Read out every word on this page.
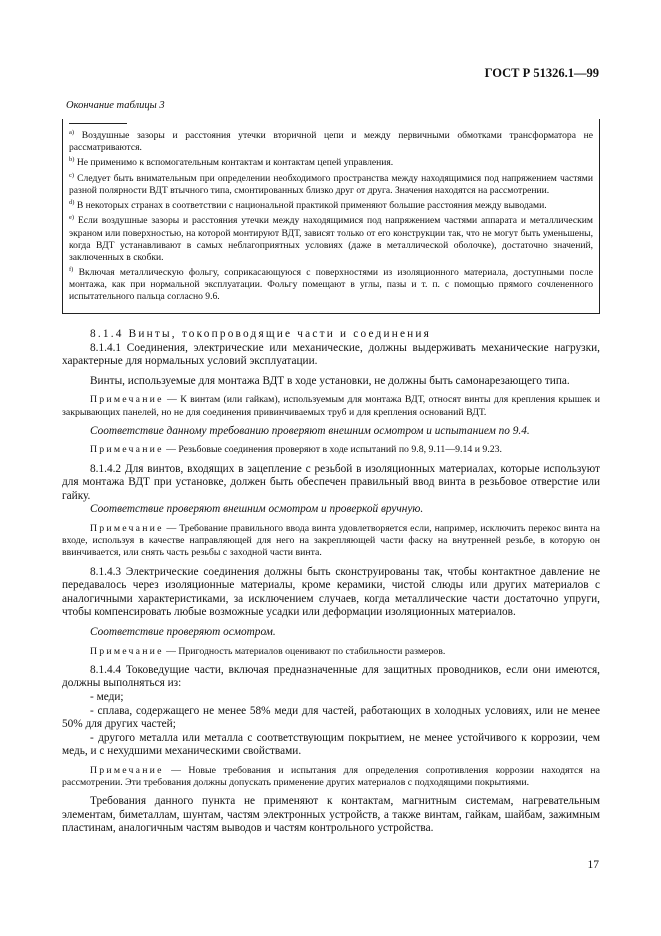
ГОСТ Р 51326.1—99
Окончание таблицы 3

$^{a)}$ Воздушные зазоры и расстояния утечки вторичной цепи и между первичными обмотками трансформатора не рассматриваются.

$^{b)}$ Не применимо к вспомогательным контактам и контактам цепей управления.

$^{c)}$ Следует быть внимательным при определении необходимого пространства между находящимися под напряжением частями разной полярности ВДТ втычного типа, смонтированных близко друг от друга. Значения находятся на рассмотрении.

$^{d)}$ В некоторых странах в соответствии с национальной практикой применяют большие расстояния между выводами.

$^{e)}$ Если воздушные зазоры и расстояния утечки между находящимися под напряжением частями аппарата и металлическим экраном или поверхностью, на которой монтируют ВДТ, зависят только от его конструкции так, что не могут быть уменьшены, когда ВДТ устанавливают в самых неблагоприятных условиях (даже в металлической оболочке), достаточно значений, заключенных в скобки.

$^{f)}$ Включая металлическую фольгу, соприкасающуюся с поверхностями из изоляционного материала, доступными после монтажа, как при нормальной эксплуатации. Фольгу помещают в углы, пазы и т. п. с помощью прямого сочлененного испытательного пальца согласно 9.6.

8.1.4 Винты, токопроводящие части и соединения

8.1.4.1 Соединения, электрические или механические, должны выдерживать механические нагрузки, характерные для нормальных условий эксплуатации.

Винты, используемые для монтажа ВДТ в ходе установки, не должны быть самонарезающего типа.

Примечание — К винтам (или гайкам), используемым для монтажа ВДТ, относят винты для крепления крышек и закрывающих панелей, но не для соединения привинчиваемых труб и для крепления оснований ВДТ.

Соответствие данному требованию проверяют внешним осмотром и испытанием по 9.4.

Примечание — Резьбовые соединения проверяют в ходе испытаний по 9.8, 9.11—9.14 и 9.23.

8.1.4.2 Для винтов, входящих в зацепление с резьбой в изоляционных материалах, которые используют для монтажа ВДТ при установке, должен быть обеспечен правильный ввод винта в резьбовое отверстие или гайку.

Соответствие проверяют внешним осмотром и проверкой вручную.

Примечание — Требование правильного ввода винта удовлетворяется если, например, исключить перекос винта на входе, используя в качестве направляющей для него на закрепляющей части фаску на внутренней резьбе, в которую он ввинчивается, или снять часть резьбы с заходной части винта.

8.1.4.3 Электрические соединения должны быть сконструированы так, чтобы контактное давление не передавалось через изоляционные материалы, кроме керамики, чистой слюды или других материалов с аналогичными характеристиками, за исключением случаев, когда металлические части достаточно упруги, чтобы компенсировать любые возможные усадки или деформации изоляционных материалов.

Соответствие проверяют осмотром.

Примечание — Пригодность материалов оценивают по стабильности размеров.

8.1.4.4 Токоведущие части, включая предназначенные для защитных проводников, если они имеются, должны выполняться из:

- меди;

- сплава, содержащего не менее 58% меди для частей, работающих в холодных условиях, или не менее 50% для других частей;

- другого металла или металла с соответствующим покрытием, не менее устойчивого к коррозии, чем медь, и с нехудшими механическими свойствами.

Примечание — Новые требования и испытания для определения сопротивления коррозии находятся на рассмотрении. Эти требования должны допускать применение других материалов с подходящими покрытиями.

Требования данного пункта не применяют к контактам, магнитным системам, нагревательным элементам, биметаллам, шунтам, частям электронных устройств, а также винтам, гайкам, шайбам, зажимным пластинам, аналогичным частям выводов и частям контрольного устройства.

17
